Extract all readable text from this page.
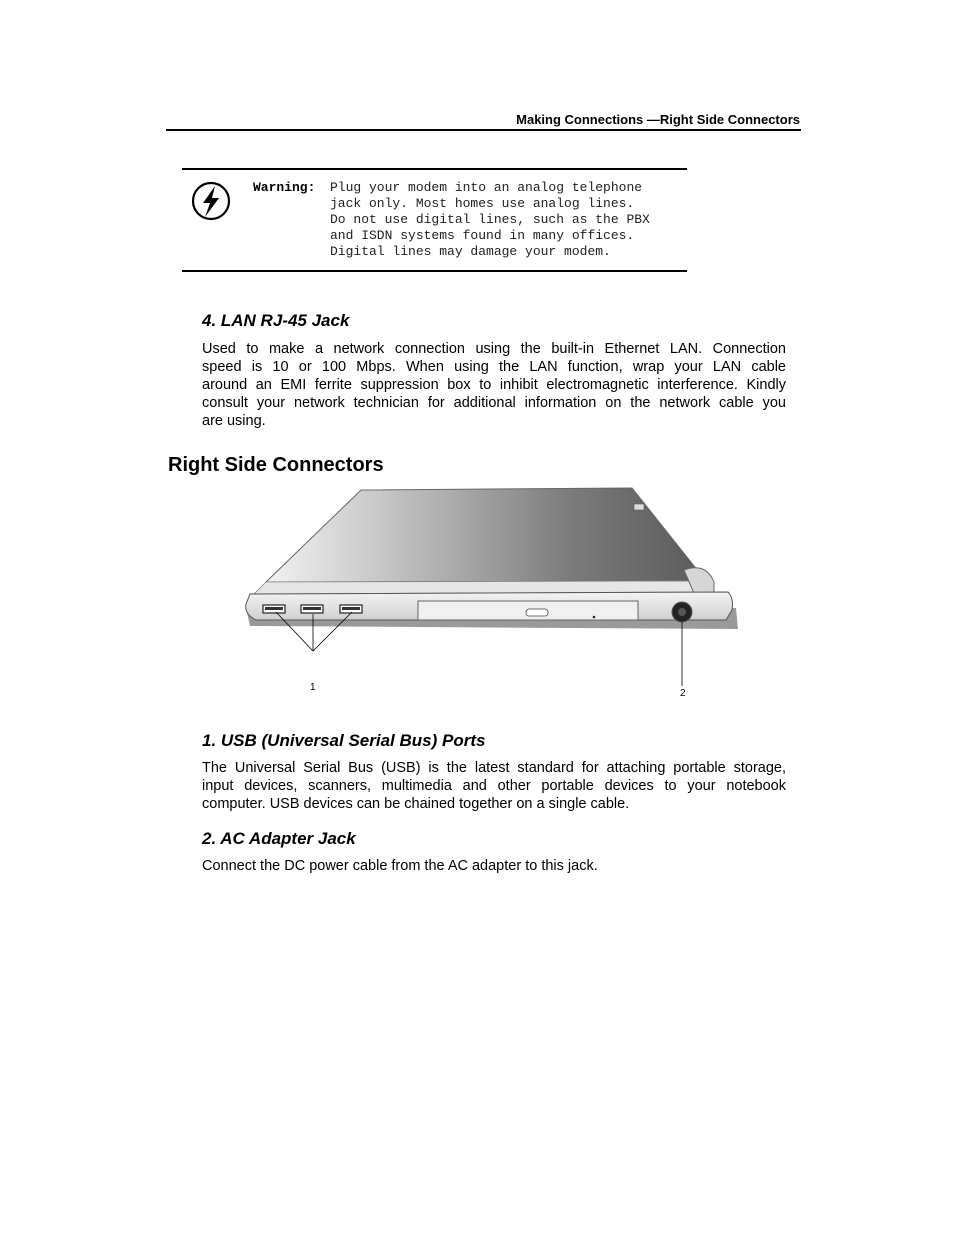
Making Connections —Right Side Connectors
Warning: Plug your modem into an analog telephone
jack only. Most homes use analog lines.
Do not use digital lines, such as the PBX
and ISDN systems found in many offices.
Digital lines may damage your modem.
4. LAN RJ-45 Jack
Used to make a network connection using the built-in Ethernet LAN. Connection
speed is 10 or 100 Mbps. When using the LAN function, wrap your LAN cable
around an EMI ferrite suppression box to inhibit electromagnetic interference. Kindly
consult your network technician for additional information on the network cable you
are using.
Right Side Connectors
1
2
1. USB (Universal Serial Bus) Ports
The Universal Serial Bus (USB) is the latest standard for attaching portable storage,
input devices, scanners, multimedia and other portable devices to your notebook
computer. USB devices can be chained together on a single cable.
2. AC Adapter Jack
Connect the DC power cable from the AC adapter to this jack.
